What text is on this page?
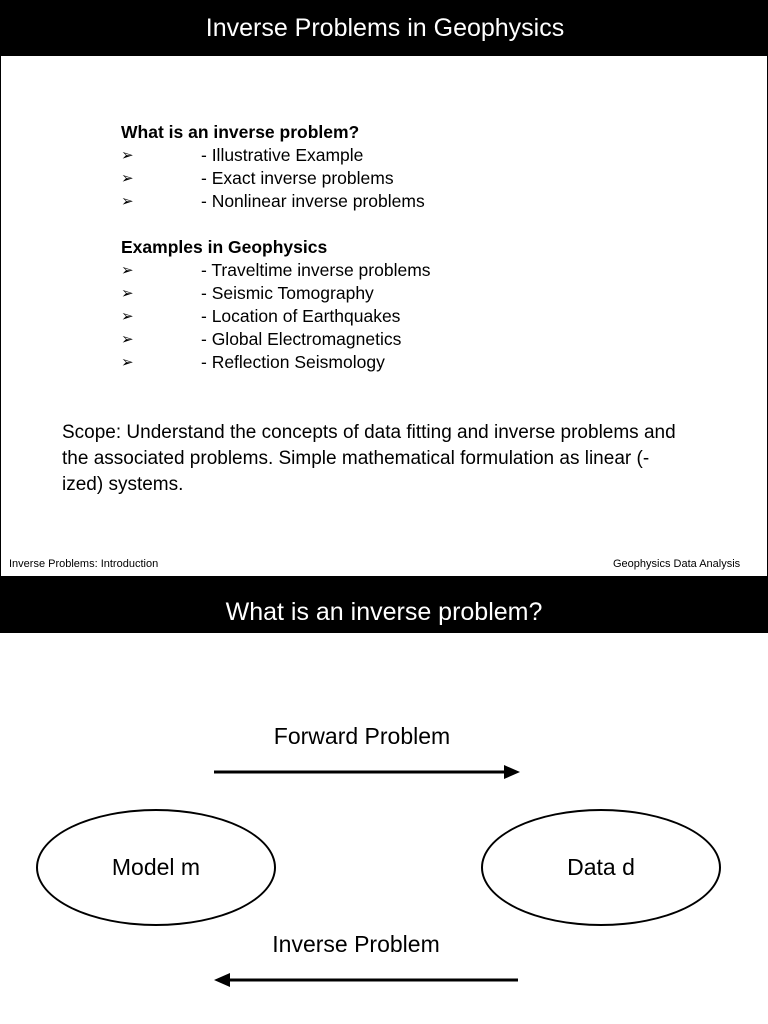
Inverse Problems in Geophysics
What is an inverse problem?
➢	- Illustrative Example
➢	- Exact inverse problems
➢	- Nonlinear inverse problems
Examples in Geophysics
➢	- Traveltime inverse problems
➢	- Seismic Tomography
➢	- Location of Earthquakes
➢	- Global Electromagnetics
➢	- Reflection Seismology
Scope: Understand the concepts of data fitting and inverse problems and the associated problems. Simple mathematical formulation as linear (-ized) systems.
Inverse Problems: Introduction	Geophysics Data Analysis
What is an inverse problem?
Forward Problem
Model m	Data d
Inverse Problem
